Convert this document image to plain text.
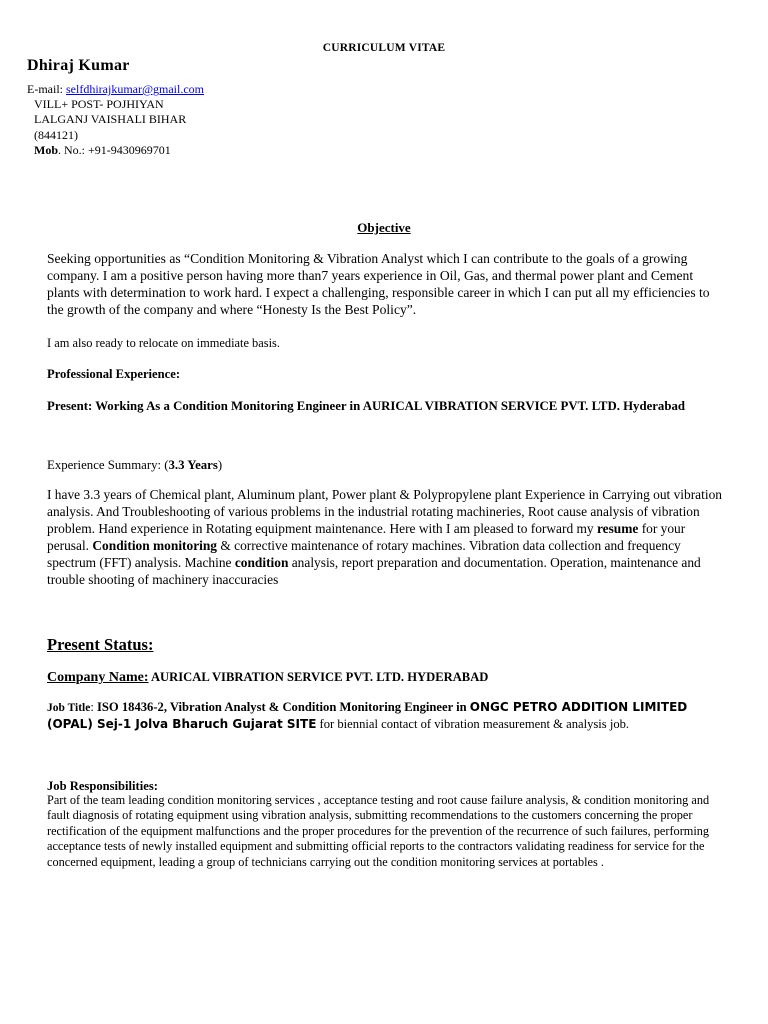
CURRICULUM VITAE
Dhiraj Kumar
E-mail: selfdhirajkumar@gmail.com
VILL+ POST- POJHIYAN
LALGANJ VAISHALI BIHAR
(844121)
Mob. No.: +91-9430969701
Objective

Seeking opportunities as “Condition Monitoring & Vibration Analyst which I can contribute to the goals of a growing company. I am a positive person having more than7 years experience in Oil, Gas, and thermal power plant and Cement plants with determination to work hard. I expect a challenging, responsible career in which I can put all my efficiencies to the growth of the company and where “Honesty Is the Best Policy”.

I am also ready to relocate on immediate basis.
Professional Experience:
Present: Working As a Condition Monitoring Engineer in AURICAL VIBRATION SERVICE PVT. LTD. Hyderabad
Experience Summary: (3.3 Years)

I have 3.3 years of Chemical plant, Aluminum plant, Power plant & Polypropylene plant Experience in Carrying out vibration analysis. And Troubleshooting of various problems in the industrial rotating machineries, Root cause analysis of vibration problem. Hand experience in Rotating equipment maintenance. Here with I am pleased to forward my resume for your perusal. Condition monitoring & corrective maintenance of rotary machines. Vibration data collection and frequency spectrum (FFT) analysis. Machine condition analysis, report preparation and documentation. Operation, maintenance and trouble shooting of machinery inaccuracies

Present Status:
Company Name: AURICAL VIBRATION SERVICE PVT. LTD. HYDERABAD

Job Title: ISO 18436-2, Vibration Analyst & Condition Monitoring Engineer in ONGC PETRO ADDITION LIMITED (OPAL) Sej-1 Jolva Bharuch Gujarat SITE for biennial contact of vibration measurement & analysis job.

Job Responsibilities:

Part of the team leading condition monitoring services , acceptance testing and root cause failure analysis, & condition monitoring and fault diagnosis of rotating equipment using vibration analysis, submitting recommendations to the customers concerning the proper rectification of the equipment malfunctions and the proper procedures for the prevention of the recurrence of such failures, performing acceptance tests of newly installed equipment and submitting official reports to the contractors validating readiness for service for the concerned equipment, leading a group of technicians carrying out the condition monitoring services at portables .
